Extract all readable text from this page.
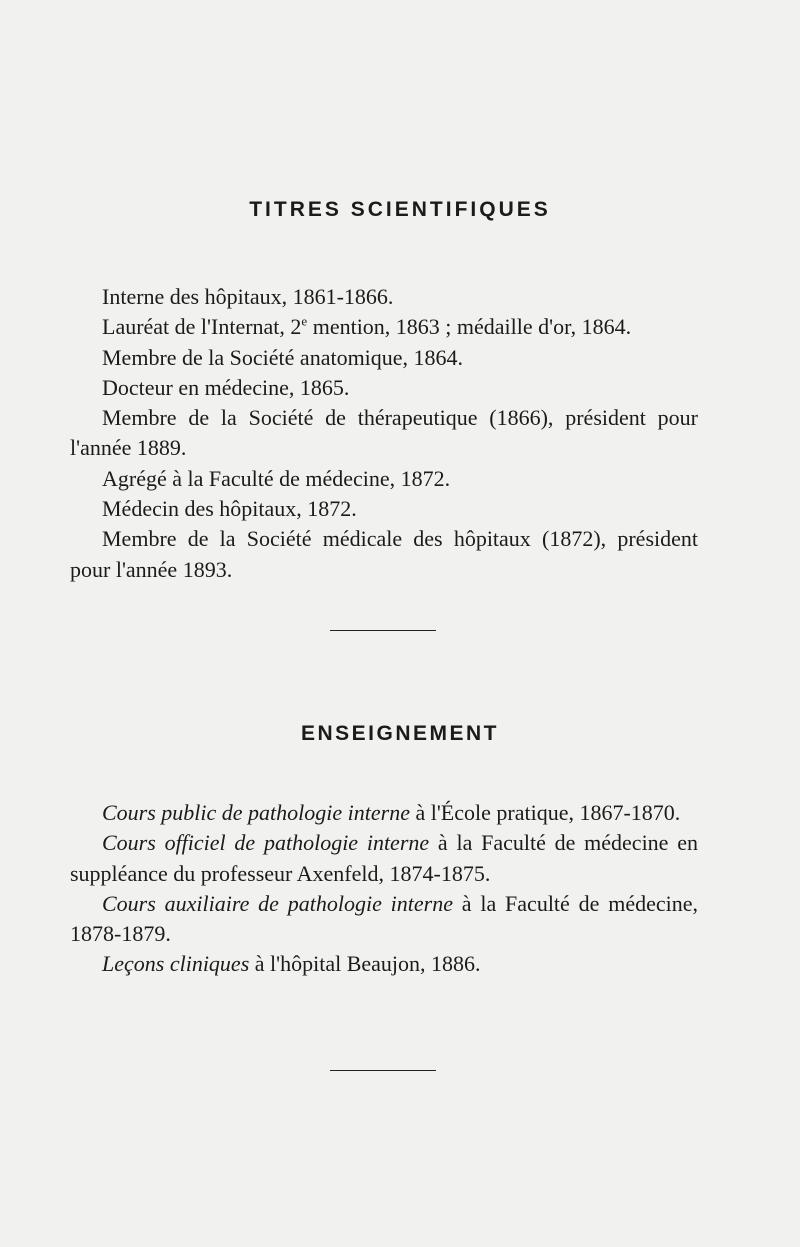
TITRES SCIENTIFIQUES

Interne des hôpitaux, 1861-1866.

Lauréat de l'Internat, 2e mention, 1863 ; médaille d'or, 1864.

Membre de la Société anatomique, 1864.

Docteur en médecine, 1865.

Membre de la Société de thérapeutique (1866), président pour l'année 1889.

Agrégé à la Faculté de médecine, 1872.

Médecin des hôpitaux, 1872.

Membre de la Société médicale des hôpitaux (1872), président pour l'année 1893.

ENSEIGNEMENT

Cours public de pathologie interne à l'École pratique, 1867-1870.

Cours officiel de pathologie interne à la Faculté de médecine en suppléance du professeur Axenfeld, 1874-1875.

Cours auxiliaire de pathologie interne à la Faculté de médecine, 1878-1879.

Leçons cliniques à l'hôpital Beaujon, 1886.
